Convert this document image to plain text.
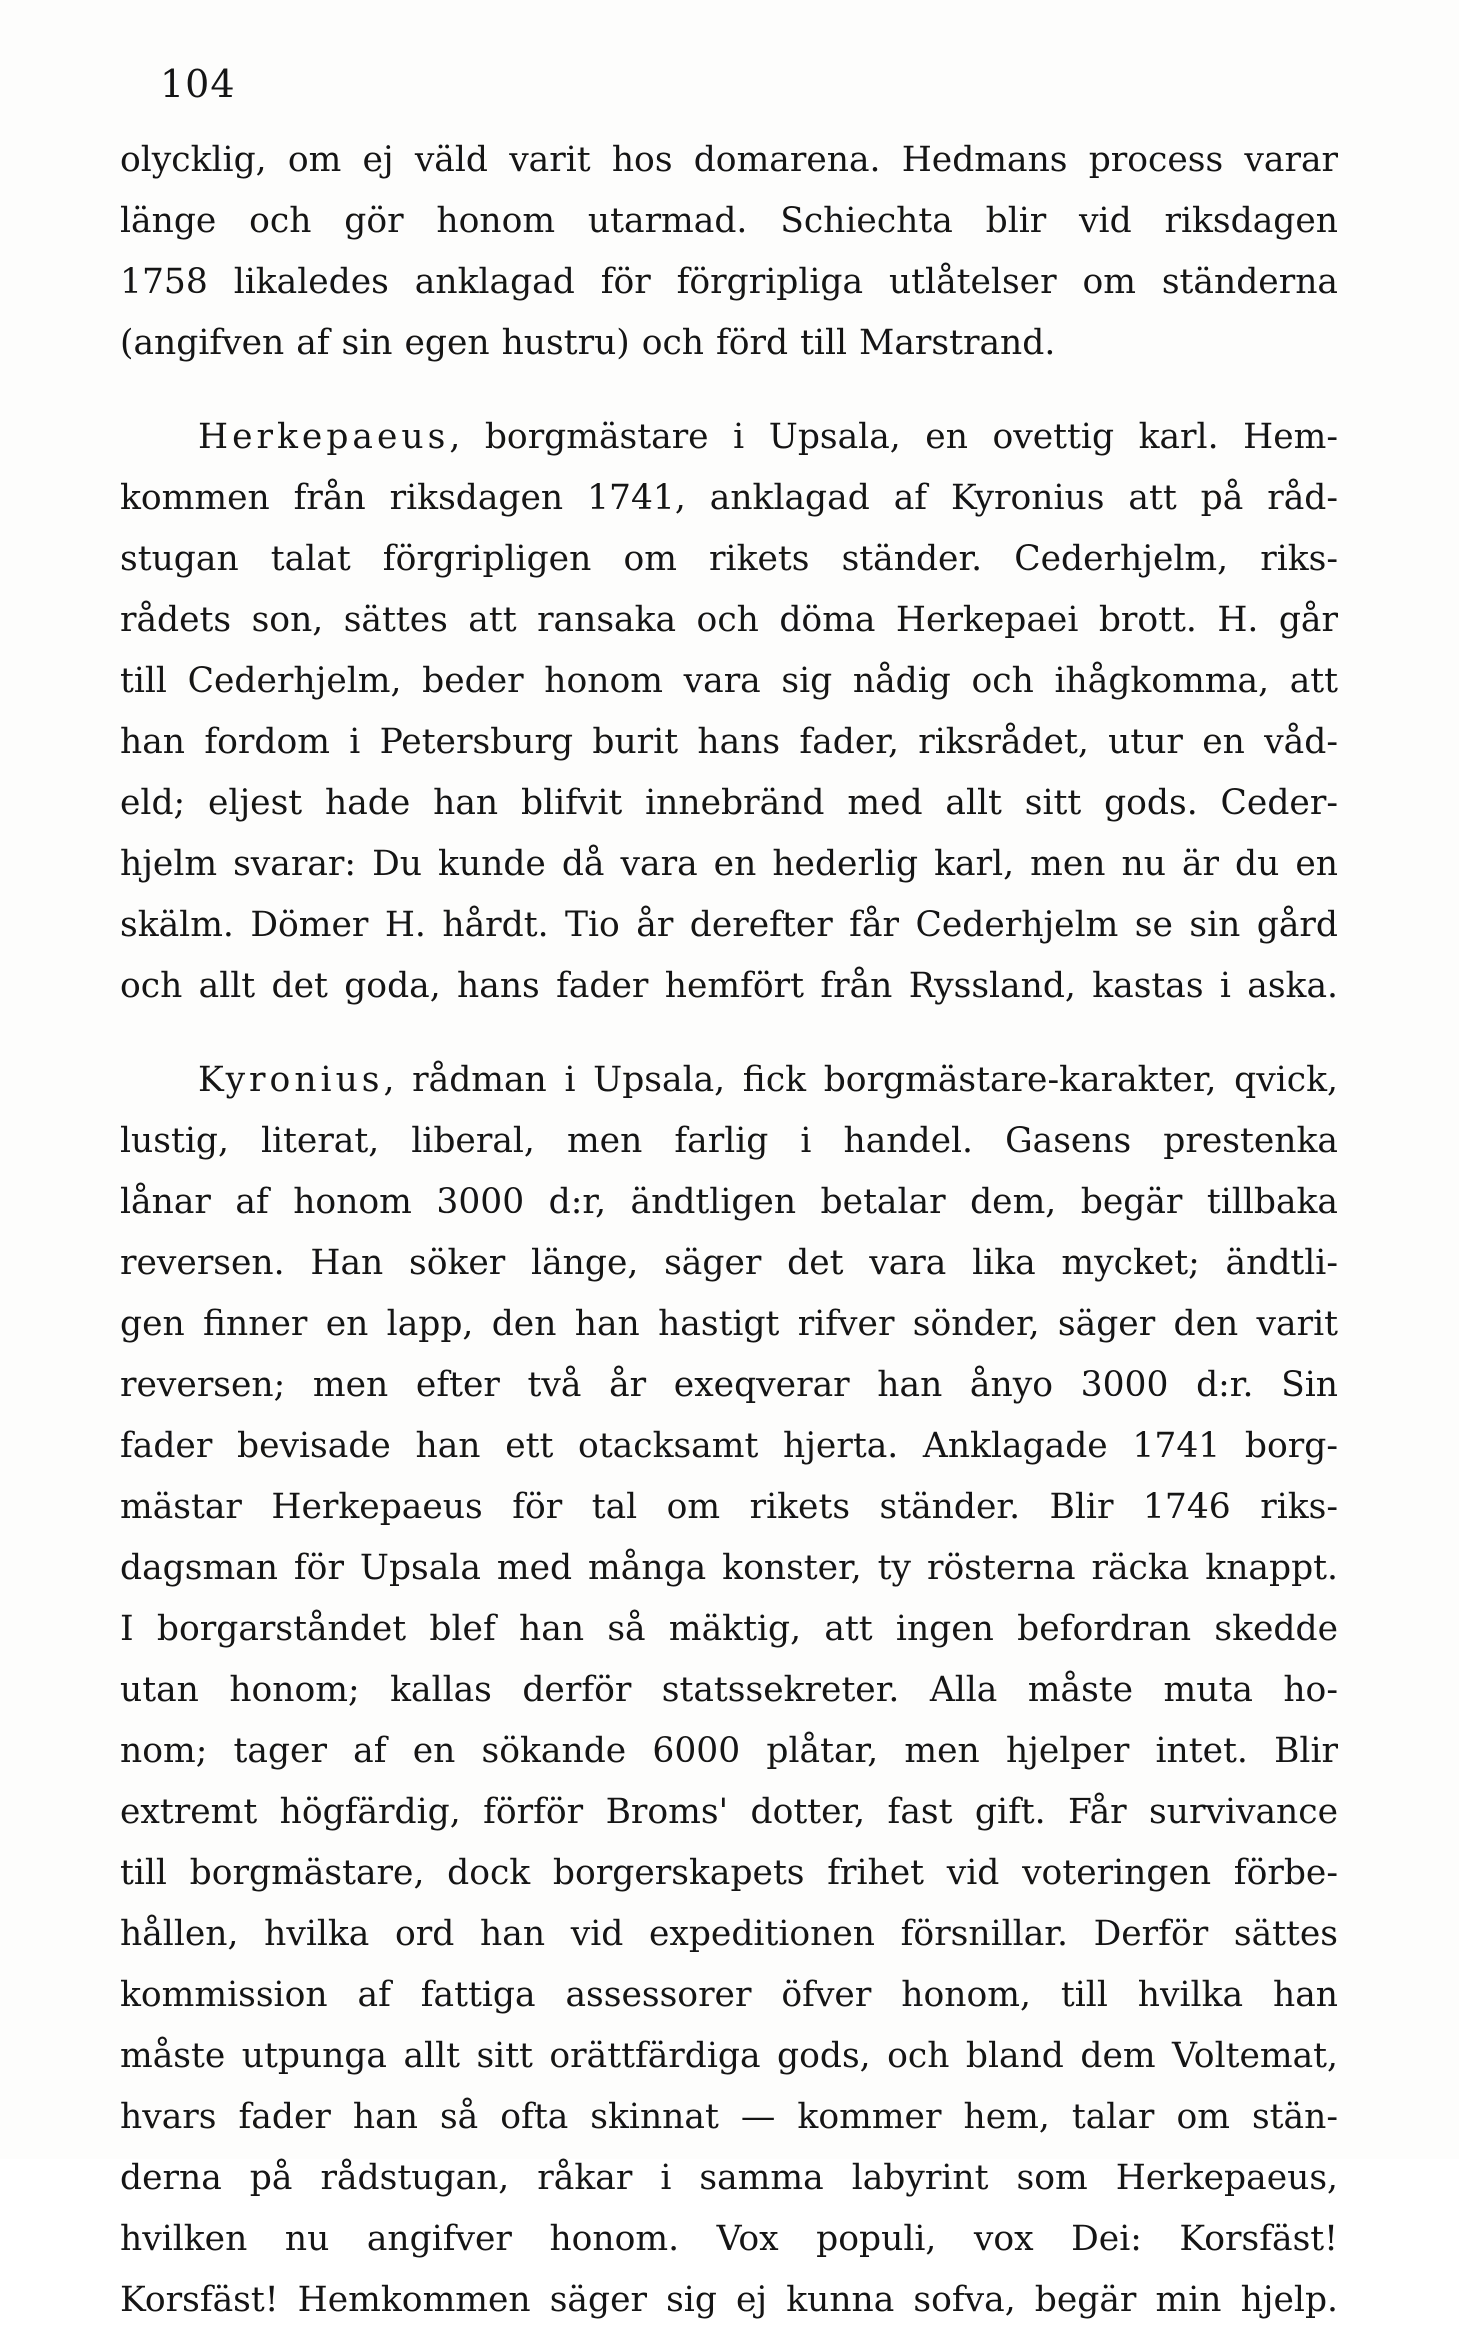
104
olycklig, om ej väld varit hos domarena. Hedmans process varar
länge och gör honom utarmad. Schiechta blir vid riksdagen
1758 likaledes anklagad för förgripliga utlåtelser om ständerna
(angifven af sin egen hustru) och förd till Marstrand.
Herkepaeus, borgmästare i Upsala, en ovettig karl. Hem-
kommen från riksdagen 1741, anklagad af Kyronius att på råd-
stugan talat förgripligen om rikets ständer. Cederhjelm, riks-
rådets son, sättes att ransaka och döma Herkepaei brott. H. går
till Cederhjelm, beder honom vara sig nådig och ihågkomma, att
han fordom i Petersburg burit hans fader, riksrådet, utur en våd-
eld; eljest hade han blifvit innebränd med allt sitt gods. Ceder-
hjelm svarar: Du kunde då vara en hederlig karl, men nu är du en
skälm. Dömer H. hårdt. Tio år derefter får Cederhjelm se sin gård
och allt det goda, hans fader hemfört från Ryssland, kastas i aska.
Kyronius, rådman i Upsala, fick borgmästare-karakter, qvick,
lustig, literat, liberal, men farlig i handel. Gasens prestenka
lånar af honom 3000 d:r, ändtligen betalar dem, begär tillbaka
reversen. Han söker länge, säger det vara lika mycket; ändtli-
gen finner en lapp, den han hastigt rifver sönder, säger den varit
reversen; men efter två år exeqverar han ånyo 3000 d:r. Sin
fader bevisade han ett otacksamt hjerta. Anklagade 1741 borg-
mästar Herkepaeus för tal om rikets ständer. Blir 1746 riks-
dagsman för Upsala med många konster, ty rösterna räcka knappt.
I borgarståndet blef han så mäktig, att ingen befordran skedde
utan honom; kallas derför statssekreter. Alla måste muta ho-
nom; tager af en sökande 6000 plåtar, men hjelper intet. Blir
extremt högfärdig, förför Broms' dotter, fast gift. Får survivance
till borgmästare, dock borgerskapets frihet vid voteringen förbe-
hållen, hvilka ord han vid expeditionen försnillar. Derför sättes
kommission af fattiga assessorer öfver honom, till hvilka han
måste utpunga allt sitt orättfärdiga gods, och bland dem Voltemat,
hvars fader han så ofta skinnat — kommer hem, talar om stän-
derna på rådstugan, råkar i samma labyrint som Herkepaeus,
hvilken nu angifver honom. Vox populi, vox Dei: Korsfäst!
Korsfäst! Hemkommen säger sig ej kunna sofva, begär min hjelp.
